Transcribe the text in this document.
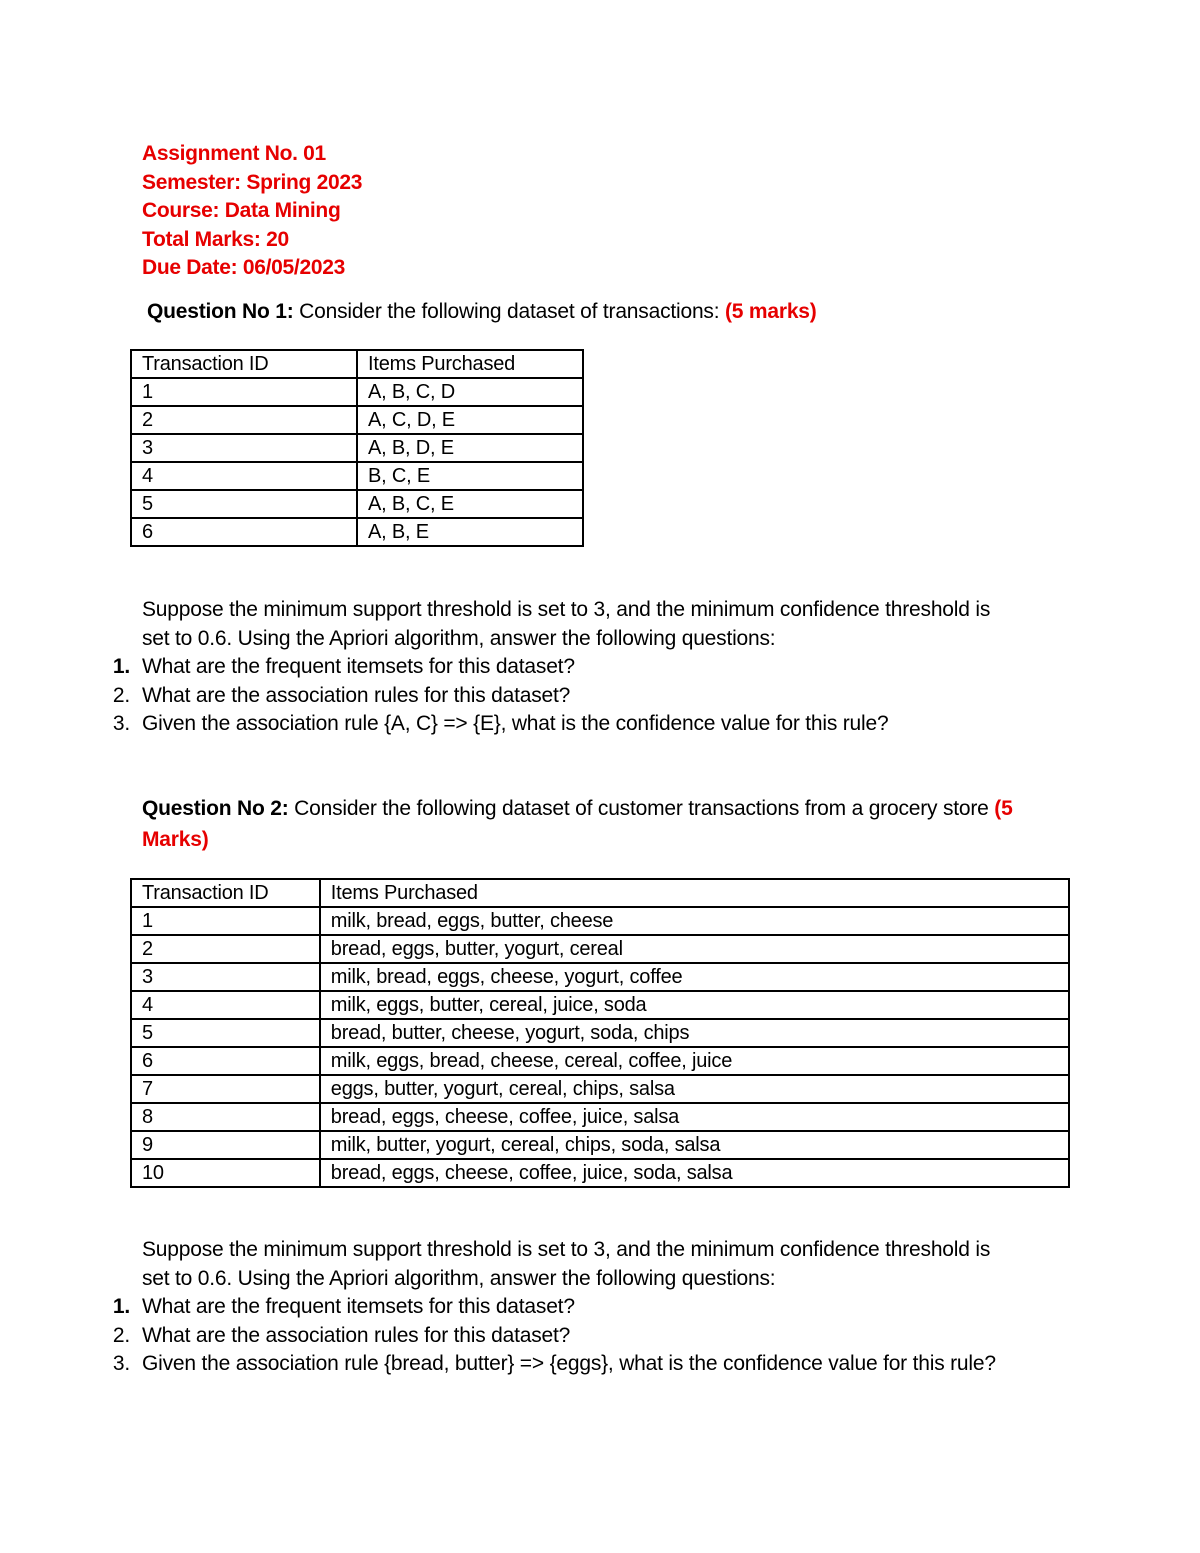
Assignment No. 01
Semester: Spring 2023
Course: Data Mining
Total Marks: 20
Due Date: 06/05/2023
Question No 1: Consider the following dataset of transactions: (5 marks)
Transaction ID	Items Purchased
1	A, B, C, D
2	A, C, D, E
3	A, B, D, E
4	B, C, E
5	A, B, C, E
6	A, B, E
Suppose the minimum support threshold is set to 3, and the minimum confidence threshold is
set to 0.6. Using the Apriori algorithm, answer the following questions:
1. What are the frequent itemsets for this dataset?
2. What are the association rules for this dataset?
3. Given the association rule {A, C} => {E}, what is the confidence value for this rule?
Question No 2: Consider the following dataset of customer transactions from a grocery store (5
Marks)
Transaction ID	Items Purchased
1	milk, bread, eggs, butter, cheese
2	bread, eggs, butter, yogurt, cereal
3	milk, bread, eggs, cheese, yogurt, coffee
4	milk, eggs, butter, cereal, juice, soda
5	bread, butter, cheese, yogurt, soda, chips
6	milk, eggs, bread, cheese, cereal, coffee, juice
7	eggs, butter, yogurt, cereal, chips, salsa
8	bread, eggs, cheese, coffee, juice, salsa
9	milk, butter, yogurt, cereal, chips, soda, salsa
10	bread, eggs, cheese, coffee, juice, soda, salsa
Suppose the minimum support threshold is set to 3, and the minimum confidence threshold is
set to 0.6. Using the Apriori algorithm, answer the following questions:
1. What are the frequent itemsets for this dataset?
2. What are the association rules for this dataset?
3. Given the association rule {bread, butter} => {eggs}, what is the confidence value for this rule?
